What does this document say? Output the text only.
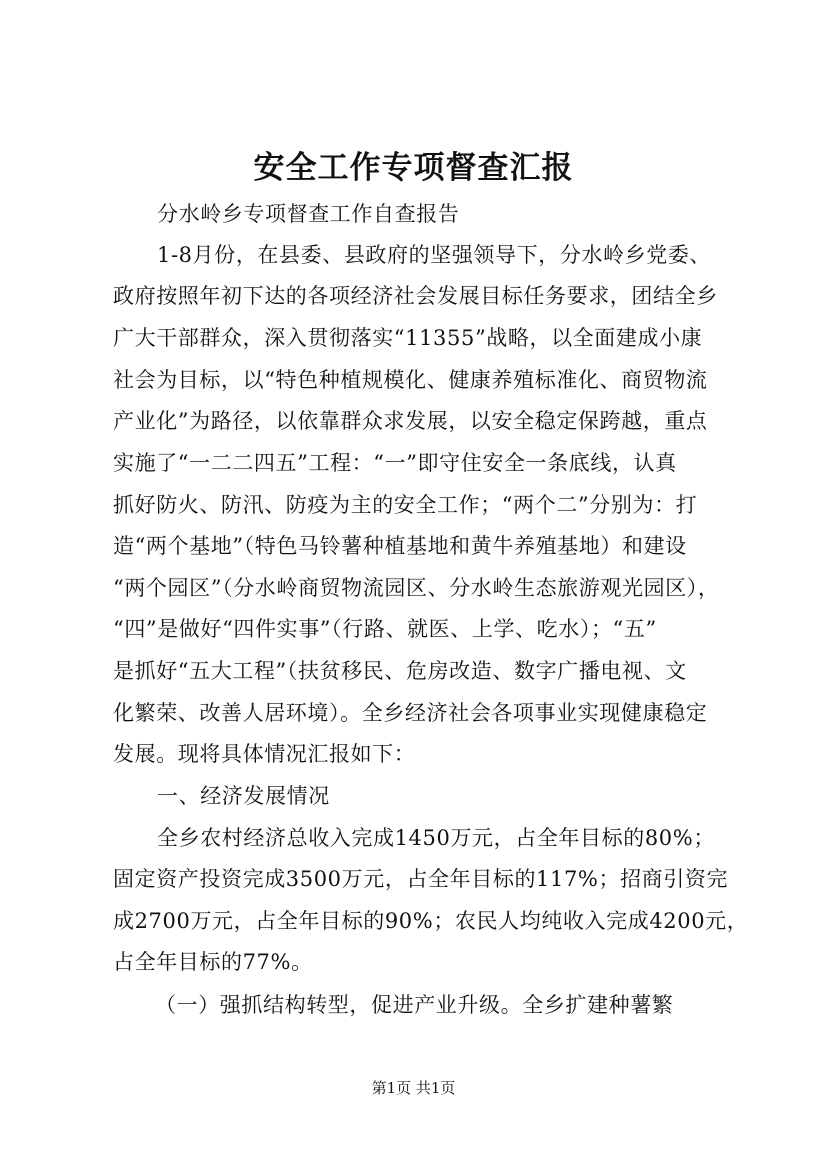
安全工作专项督查汇报
分水岭乡专项督查工作自查报告
1-8月份，在县委、县政府的坚强领导下，分水岭乡党委、
政府按照年初下达的各项经济社会发展目标任务要求，团结全乡
广大干部群众，深入贯彻落实“11355”战略，以全面建成小康
社会为目标，以“特色种植规模化、健康养殖标准化、商贸物流
产业化”为路径，以依靠群众求发展，以安全稳定保跨越，重点
实施了“一二二四五”工程：“一”即守住安全一条底线，认真
抓好防火、防汛、防疫为主的安全工作；“两个二”分别为：打
造“两个基地”（特色马铃薯种植基地和黄牛养殖基地）和建设
“两个园区”（分水岭商贸物流园区、分水岭生态旅游观光园区），
“四”是做好“四件实事”（行路、就医、上学、吃水）；“五”
是抓好“五大工程”（扶贫移民、危房改造、数字广播电视、文
化繁荣、改善人居环境）。全乡经济社会各项事业实现健康稳定
发展。现将具体情况汇报如下：
一、经济发展情况
全乡农村经济总收入完成1450万元，占全年目标的80%；
固定资产投资完成3500万元，占全年目标的117%；招商引资完
成2700万元，占全年目标的90%；农民人均纯收入完成4200元，
占全年目标的77%。
（一）强抓结构转型，促进产业升级。全乡扩建种薯繁
第1页 共1页
